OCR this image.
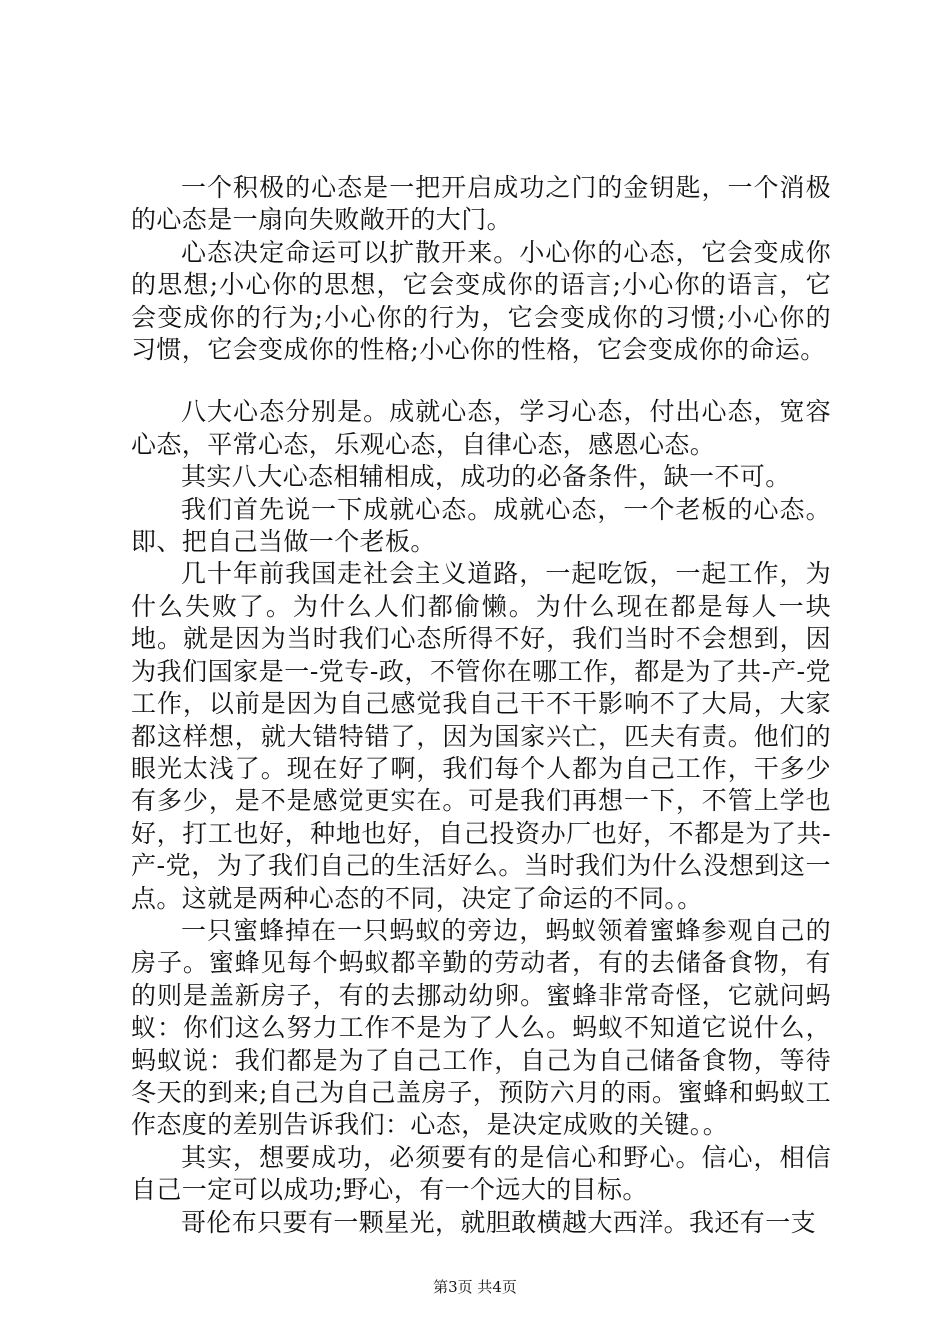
一个积极的心态是一把开启成功之门的金钥匙，一个消极的心态是一扇向失败敞开的大门。

心态决定命运可以扩散开来。小心你的心态，它会变成你的思想;小心你的思想，它会变成你的语言;小心你的语言，它会变成你的行为;小心你的行为，它会变成你的习惯;小心你的习惯，它会变成你的性格;小心你的性格，它会变成你的命运。

八大心态分别是。成就心态，学习心态，付出心态，宽容心态，平常心态，乐观心态，自律心态，感恩心态。

其实八大心态相辅相成，成功的必备条件，缺一不可。

我们首先说一下成就心态。成就心态，一个老板的心态。即、把自己当做一个老板。

几十年前我国走社会主义道路，一起吃饭，一起工作，为什么失败了。为什么人们都偷懒。为什么现在都是每人一块地。就是因为当时我们心态所得不好，我们当时不会想到，因为我们国家是一-党专-政，不管你在哪工作，都是为了共-产-党工作，以前是因为自己感觉我自己干不干影响不了大局，大家都这样想，就大错特错了，因为国家兴亡，匹夫有责。他们的眼光太浅了。现在好了啊，我们每个人都为自己工作，干多少有多少，是不是感觉更实在。可是我们再想一下，不管上学也好，打工也好，种地也好，自己投资办厂也好，不都是为了共-产-党，为了我们自己的生活好么。当时我们为什么没想到这一点。这就是两种心态的不同，决定了命运的不同。。

一只蜜蜂掉在一只蚂蚁的旁边，蚂蚁领着蜜蜂参观自己的房子。蜜蜂见每个蚂蚁都辛勤的劳动者，有的去储备食物，有的则是盖新房子，有的去挪动幼卵。蜜蜂非常奇怪，它就问蚂蚁：你们这么努力工作不是为了人么。蚂蚁不知道它说什么，蚂蚁说：我们都是为了自己工作，自己为自己储备食物，等待冬天的到来;自己为自己盖房子，预防六月的雨。蜜蜂和蚂蚁工作态度的差别告诉我们：心态，是决定成败的关键。。

其实，想要成功，必须要有的是信心和野心。信心，相信自己一定可以成功;野心，有一个远大的目标。

哥伦布只要有一颗星光，就胆敢横越大西洋。我还有一支

第3页 共4页
